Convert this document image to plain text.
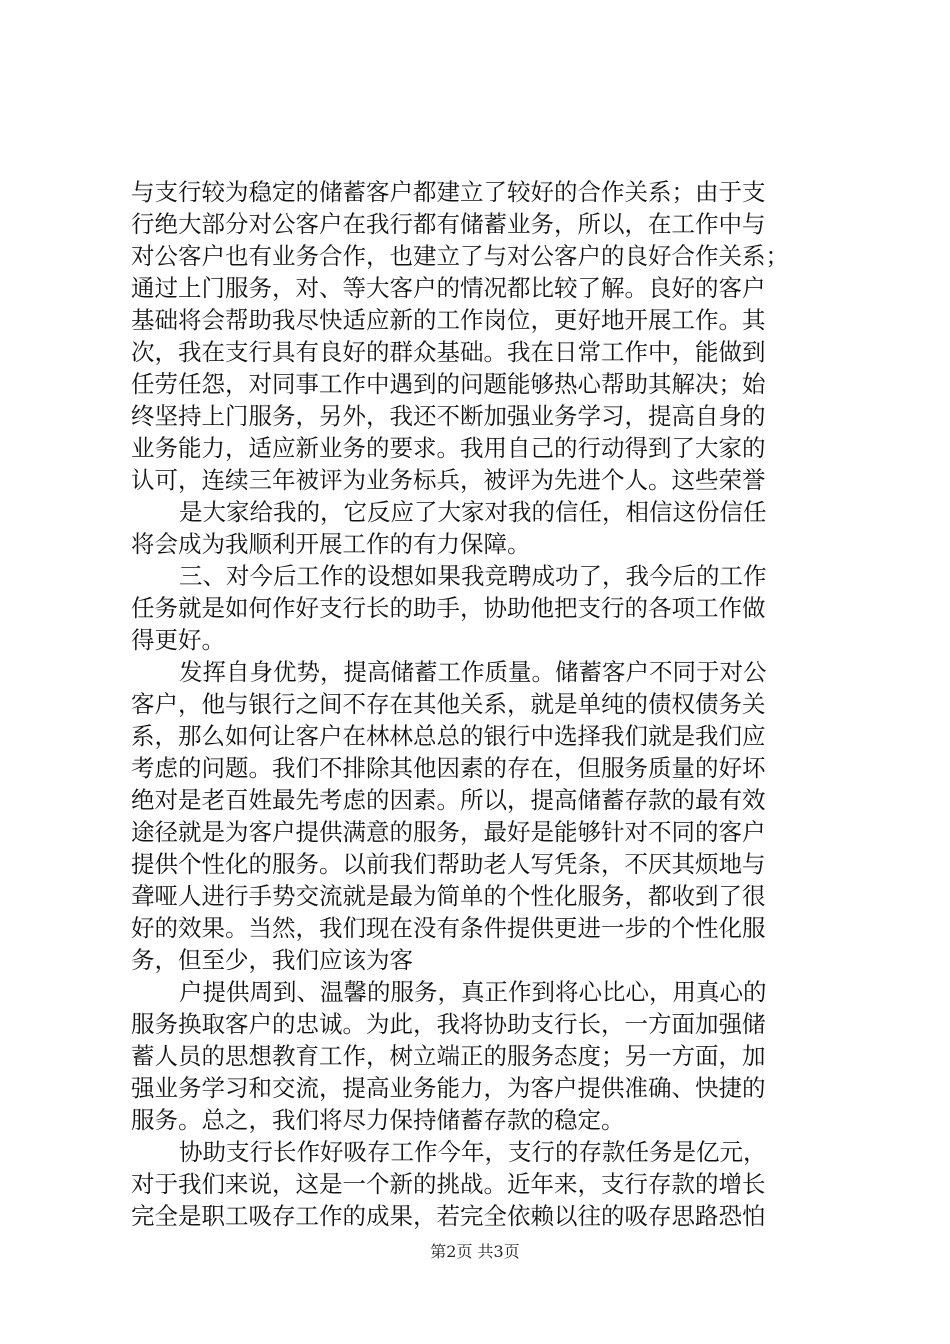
与支行较为稳定的储蓄客户都建立了较好的合作关系；由于支
行绝大部分对公客户在我行都有储蓄业务，所以，在工作中与
对公客户也有业务合作，也建立了与对公客户的良好合作关系；
通过上门服务，对、等大客户的情况都比较了解。良好的客户
基础将会帮助我尽快适应新的工作岗位，更好地开展工作。其
次，我在支行具有良好的群众基础。我在日常工作中，能做到
任劳任怨，对同事工作中遇到的问题能够热心帮助其解决；始
终坚持上门服务，另外，我还不断加强业务学习，提高自身的
业务能力，适应新业务的要求。我用自己的行动得到了大家的
认可，连续三年被评为业务标兵，被评为先进个人。这些荣誉
是大家给我的，它反应了大家对我的信任，相信这份信任
将会成为我顺利开展工作的有力保障。
三、对今后工作的设想如果我竞聘成功了，我今后的工作
任务就是如何作好支行长的助手，协助他把支行的各项工作做
得更好。
发挥自身优势，提高储蓄工作质量。储蓄客户不同于对公
客户，他与银行之间不存在其他关系，就是单纯的债权债务关
系，那么如何让客户在林林总总的银行中选择我们就是我们应
考虑的问题。我们不排除其他因素的存在，但服务质量的好坏
绝对是老百姓最先考虑的因素。所以，提高储蓄存款的最有效
途径就是为客户提供满意的服务，最好是能够针对不同的客户
提供个性化的服务。以前我们帮助老人写凭条，不厌其烦地与
聋哑人进行手势交流就是最为简单的个性化服务，都收到了很
好的效果。当然，我们现在没有条件提供更进一步的个性化服
务，但至少，我们应该为客
户提供周到、温馨的服务，真正作到将心比心，用真心的
服务换取客户的忠诚。为此，我将协助支行长，一方面加强储
蓄人员的思想教育工作，树立端正的服务态度；另一方面，加
强业务学习和交流，提高业务能力，为客户提供准确、快捷的
服务。总之，我们将尽力保持储蓄存款的稳定。
协助支行长作好吸存工作今年，支行的存款任务是亿元，
对于我们来说，这是一个新的挑战。近年来，支行存款的增长
完全是职工吸存工作的成果，若完全依赖以往的吸存思路恐怕
第2页 共3页
